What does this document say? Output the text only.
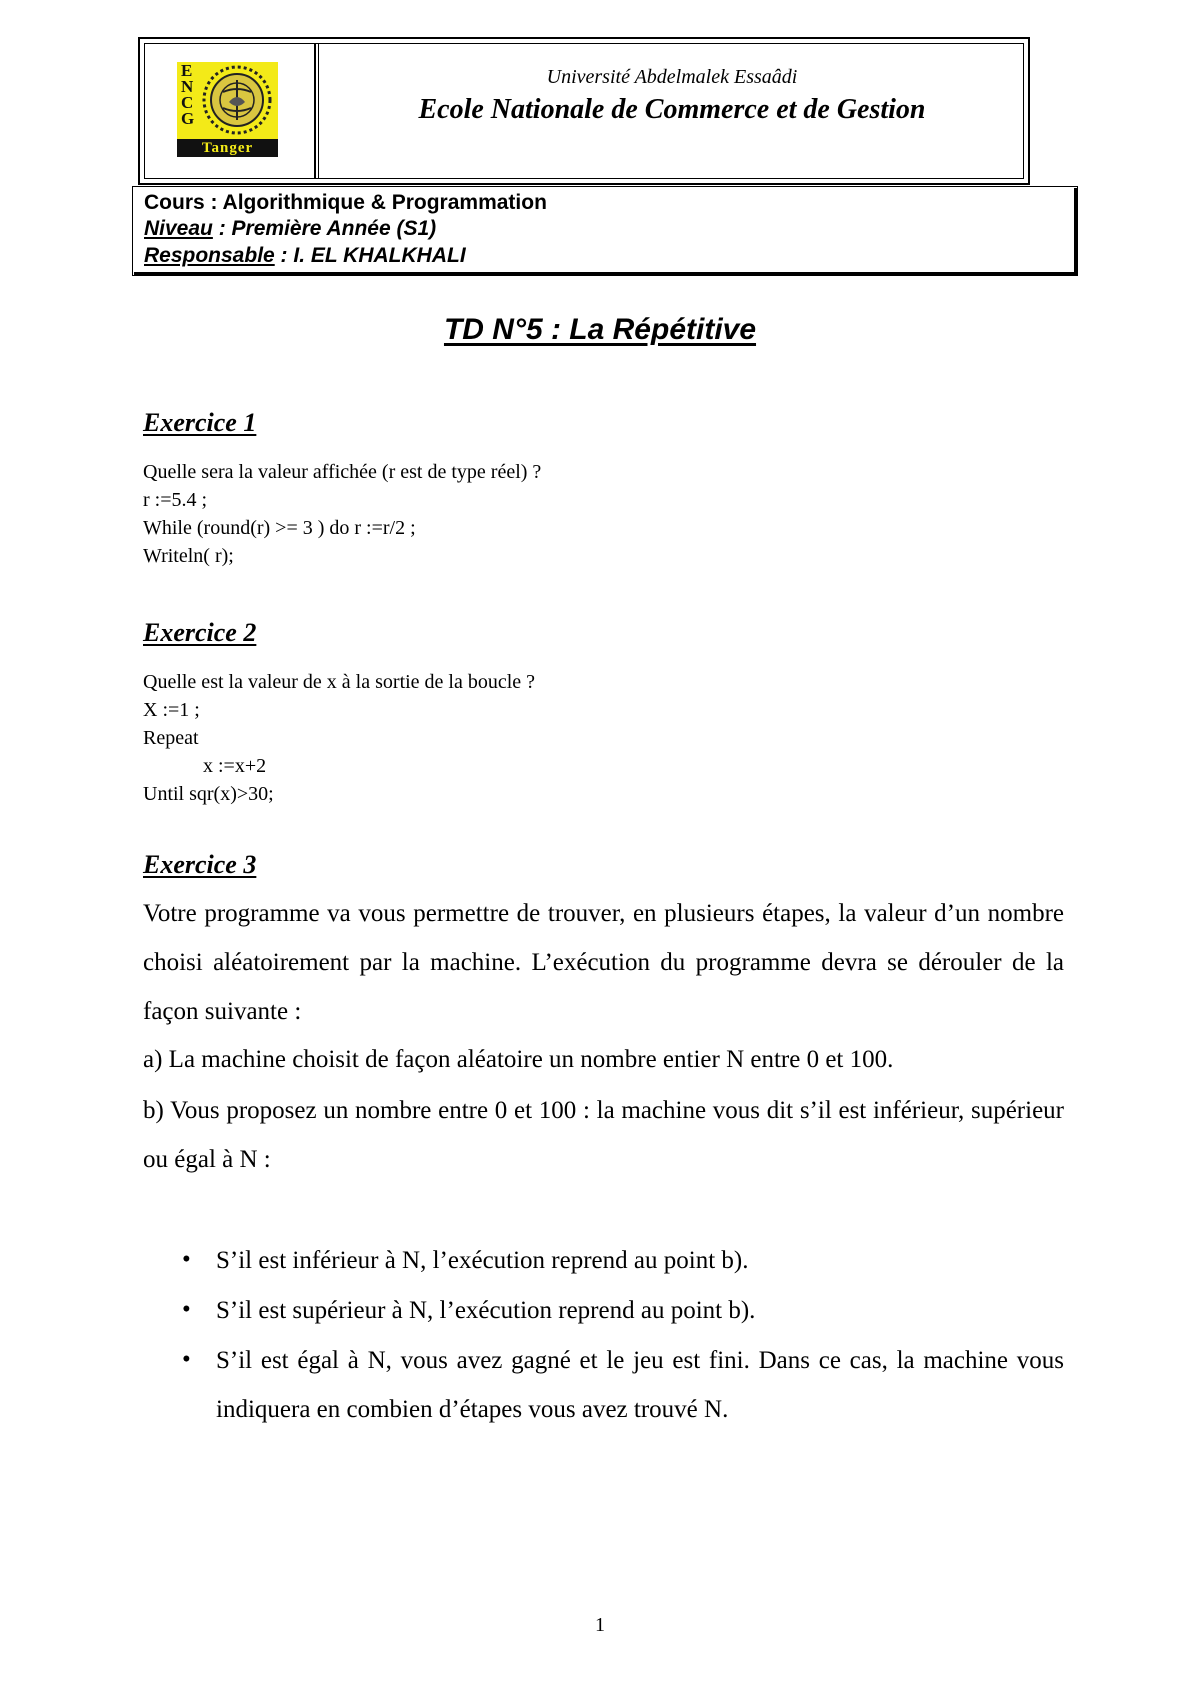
E
N
C
G
Tanger
Université Abdelmalek Essaâdi
Ecole Nationale de Commerce et de Gestion
Cours : Algorithmique & Programmation
Niveau : Première Année (S1)
Responsable : I. EL KHALKHALI
TD N°5 : La Répétitive
Exercice 1
Quelle sera la valeur affichée (r est de type réel) ?
r :=5.4 ;
While (round(r) >= 3 ) do r :=r/2 ;
Writeln( r);
Exercice 2
Quelle est la valeur de x à la sortie de la boucle ?
X :=1 ;
Repeat
x :=x+2
Until sqr(x)>30;
Exercice 3
Votre programme va vous permettre de trouver, en plusieurs étapes, la valeur d’un nombre choisi aléatoirement par la machine. L’exécution du programme devra se dérouler de la façon suivante :
a) La machine choisit de façon aléatoire un nombre entier N entre 0 et 100.
b) Vous proposez un nombre entre 0 et 100 : la machine vous dit s’il est inférieur, supérieur ou égal à N :
• S’il est inférieur à N, l’exécution reprend au point b).
• S’il est supérieur à N, l’exécution reprend au point b).
• S’il est égal à N, vous avez gagné et le jeu est fini. Dans ce cas, la machine vous indiquera en combien d’étapes vous avez trouvé N.
1
